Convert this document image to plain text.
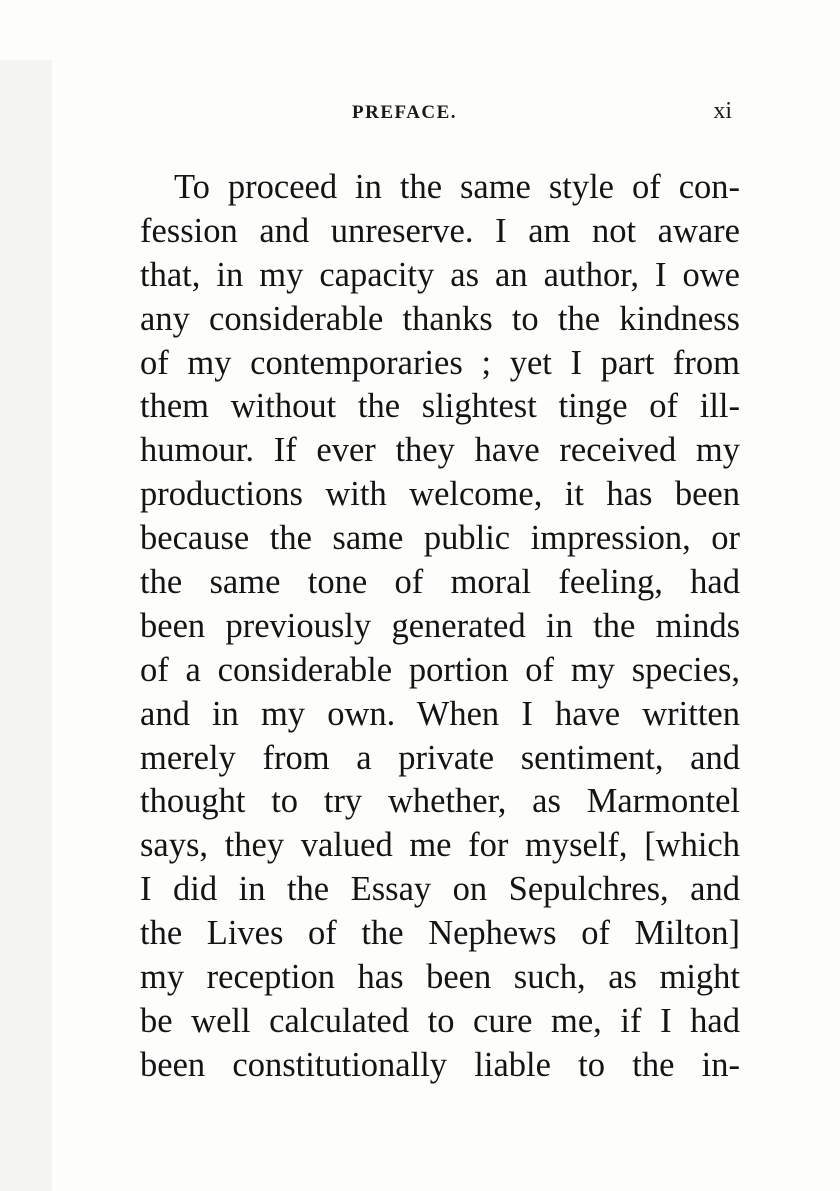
PREFACE.	xi
To proceed in the same style of con-
fession and unreserve. I am not aware
that, in my capacity as an author, I owe
any considerable thanks to the kindness
of my contemporaries ; yet I part from
them without the slightest tinge of ill-
humour. If ever they have received my
productions with welcome, it has been
because the same public impression, or
the same tone of moral feeling, had
been previously generated in the minds
of a considerable portion of my species,
and in my own. When I have written
merely from a private sentiment, and
thought to try whether, as Marmontel
says, they valued me for myself, [which
I did in the Essay on Sepulchres, and
the Lives of the Nephews of Milton]
my reception has been such, as might
be well calculated to cure me, if I had
been constitutionally liable to the in-
